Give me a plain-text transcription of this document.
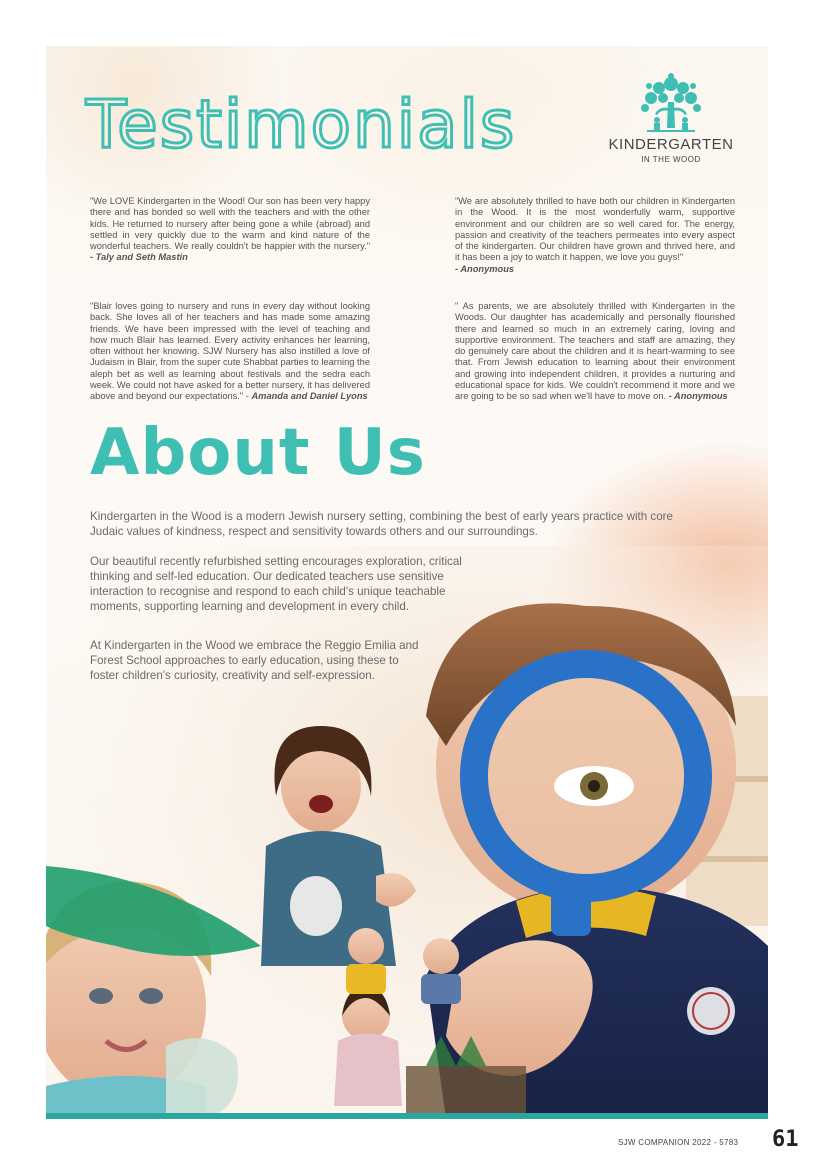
Testimonials	KINDERGARTEN
IN THE WOOD
"We LOVE Kindergarten in the Wood! Our son has been very happy there and has bonded so well with the teachers and with the other kids. He returned to nursery after being gone a while (abroad) and settled in very quickly due to the warm and kind nature of the wonderful teachers. We really couldn't be happier with the nursery." - Taly and Seth Mastin
"We are absolutely thrilled to have both our children in Kindergarten in the Wood. It is the most wonderfully warm, supportive environment and our children are so well cared for. The energy, passion and creativity of the teachers permeates into every aspect of the kindergarten. Our children have grown and thrived here, and it has been a joy to watch it happen, we love you guys!"
- Anonymous
"Blair loves going to nursery and runs in every day without looking back. She loves all of her teachers and has made some amazing friends. We have been impressed with the level of teaching and how much Blair has learned. Every activity enhances her learning, often without her knowing. SJW Nursery has also instilled a love of Judaism in Blair, from the super cute Shabbat parties to learning the aleph bet as well as learning about festivals and the sedra each week. We could not have asked for a better nursery, it has delivered above and beyond our expectations." - Amanda and Daniel Lyons
" As parents, we are absolutely thrilled with Kindergarten in the Woods. Our daughter has academically and personally flourished there and learned so much in an extremely caring, loving and supportive environment. The teachers and staff are amazing, they do genuinely care about the children and it is heart-warming to see that. From Jewish education to learning about their environment and growing into independent children, it provides a nurturing and educational space for kids. We couldn't recommend it more and we are going to be so sad when we'll have to move on. - Anonymous
About Us
Kindergarten in the Wood is a modern Jewish nursery setting, combining the best of early years practice with core Judaic values of kindness, respect and sensitivity towards others and our surroundings.
Our beautiful recently refurbished setting encourages exploration, critical thinking and self-led education. Our dedicated teachers use sensitive interaction to recognise and respond to each child's unique teachable moments, supporting learning and development in every child.
At Kindergarten in the Wood we embrace the Reggio Emilia and Forest School approaches to early education, using these to foster children's curiosity, creativity and self-expression.
SJW COMPANION 2022 - 5783 61
